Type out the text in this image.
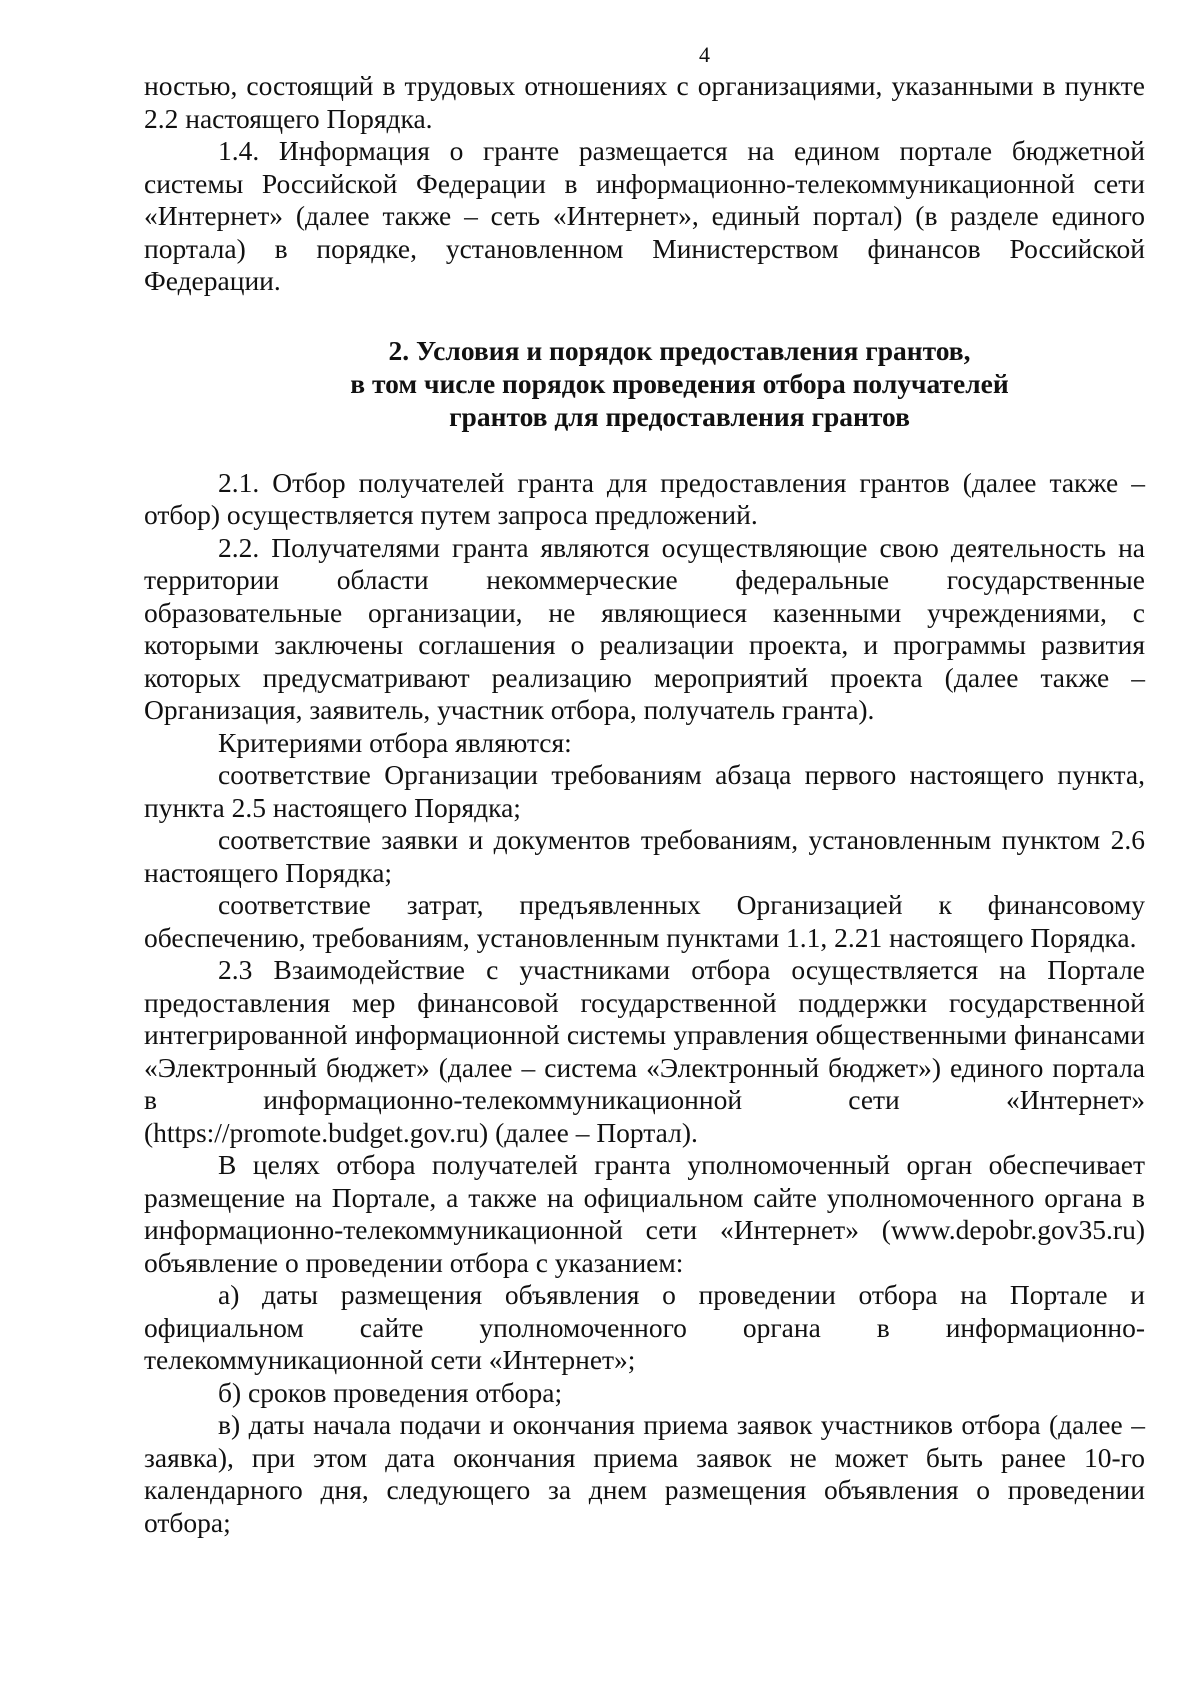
4

ностью, состоящий в трудовых отношениях с организациями, указанными в пункте 2.2 настоящего Порядка.

1.4. Информация о гранте размещается на едином портале бюджетной системы Российской Федерации в информационно-телекоммуникационной сети «Интернет» (далее также – сеть «Интернет», единый портал) (в разделе единого портала) в порядке, установленном Министерством финансов Российской Федерации.

2. Условия и порядок предоставления грантов,
в том числе порядок проведения отбора получателей
грантов для предоставления грантов

2.1. Отбор получателей гранта для предоставления грантов (далее также – отбор) осуществляется путем запроса предложений.

2.2. Получателями гранта являются осуществляющие свою деятельность на территории области некоммерческие федеральные государственные образовательные организации, не являющиеся казенными учреждениями, с которыми заключены соглашения о реализации проекта, и программы развития которых предусматривают реализацию мероприятий проекта (далее также – Организация, заявитель, участник отбора, получатель гранта).

Критериями отбора являются:

соответствие Организации требованиям абзаца первого настоящего пункта, пункта 2.5 настоящего Порядка;

соответствие заявки и документов требованиям, установленным пунктом 2.6 настоящего Порядка;

соответствие затрат, предъявленных Организацией к финансовому обеспечению, требованиям, установленным пунктами 1.1, 2.21 настоящего Порядка.

2.3 Взаимодействие с участниками отбора осуществляется на Портале предоставления мер финансовой государственной поддержки государственной интегрированной информационной системы управления общественными финансами «Электронный бюджет» (далее – система «Электронный бюджет») единого портала в информационно-телекоммуникационной сети «Интернет» (https://promote.budget.gov.ru) (далее – Портал).

В целях отбора получателей гранта уполномоченный орган обеспечивает размещение на Портале, а также на официальном сайте уполномоченного органа в информационно-телекоммуникационной сети «Интернет» (www.depobr.gov35.ru) объявление о проведении отбора с указанием:

а) даты размещения объявления о проведении отбора на Портале и официальном сайте уполномоченного органа в информационно-телекоммуникационной сети «Интернет»;

б) сроков проведения отбора;

в) даты начала подачи и окончания приема заявок участников отбора (далее – заявка), при этом дата окончания приема заявок не может быть ранее 10-го календарного дня, следующего за днем размещения объявления о проведении отбора;
